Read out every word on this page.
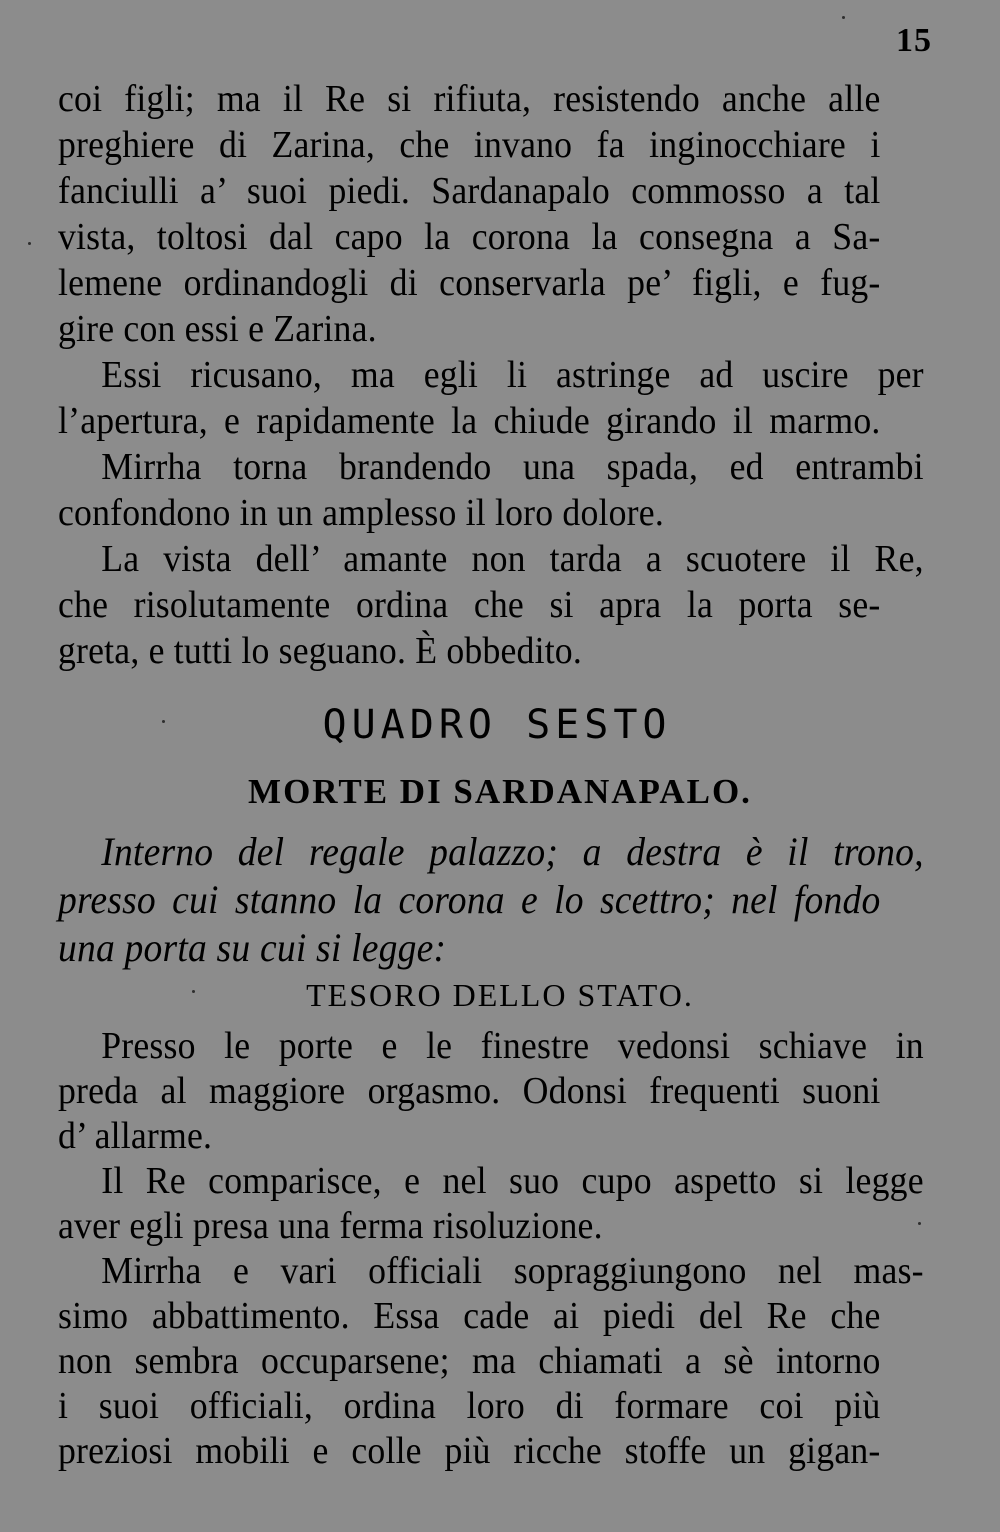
15
coi figli; ma il Re si rifiuta, resistendo anche alle
preghiere di Zarina, che invano fa inginocchiare i
fanciulli a’ suoi piedi. Sardanapalo commosso a tal
vista, toltosi dal capo la corona la consegna a Sa-
lemene ordinandogli di conservarla pe’ figli, e fug-
gire con essi e Zarina.
Essi ricusano, ma egli li astringe ad uscire per
l’apertura, e rapidamente la chiude girando il marmo.
Mirrha torna brandendo una spada, ed entrambi
confondono in un amplesso il loro dolore.
La vista dell’ amante non tarda a scuotere il Re,
che risolutamente ordina che si apra la porta se-
greta, e tutti lo seguano. È obbedito.
QUADRO SESTO
MORTE DI SARDANAPALO.
Interno del regale palazzo; a destra è il trono,
presso cui stanno la corona e lo scettro; nel fondo
una porta su cui si legge:
TESORO DELLO STATO.
Presso le porte e le finestre vedonsi schiave in
preda al maggiore orgasmo. Odonsi frequenti suoni
d’ allarme.
Il Re comparisce, e nel suo cupo aspetto si legge
aver egli presa una ferma risoluzione.
Mirrha e vari officiali sopraggiungono nel mas-
simo abbattimento. Essa cade ai piedi del Re che
non sembra occuparsene; ma chiamati a sè intorno
i suoi officiali, ordina loro di formare coi più
preziosi mobili e colle più ricche stoffe un gigan-
